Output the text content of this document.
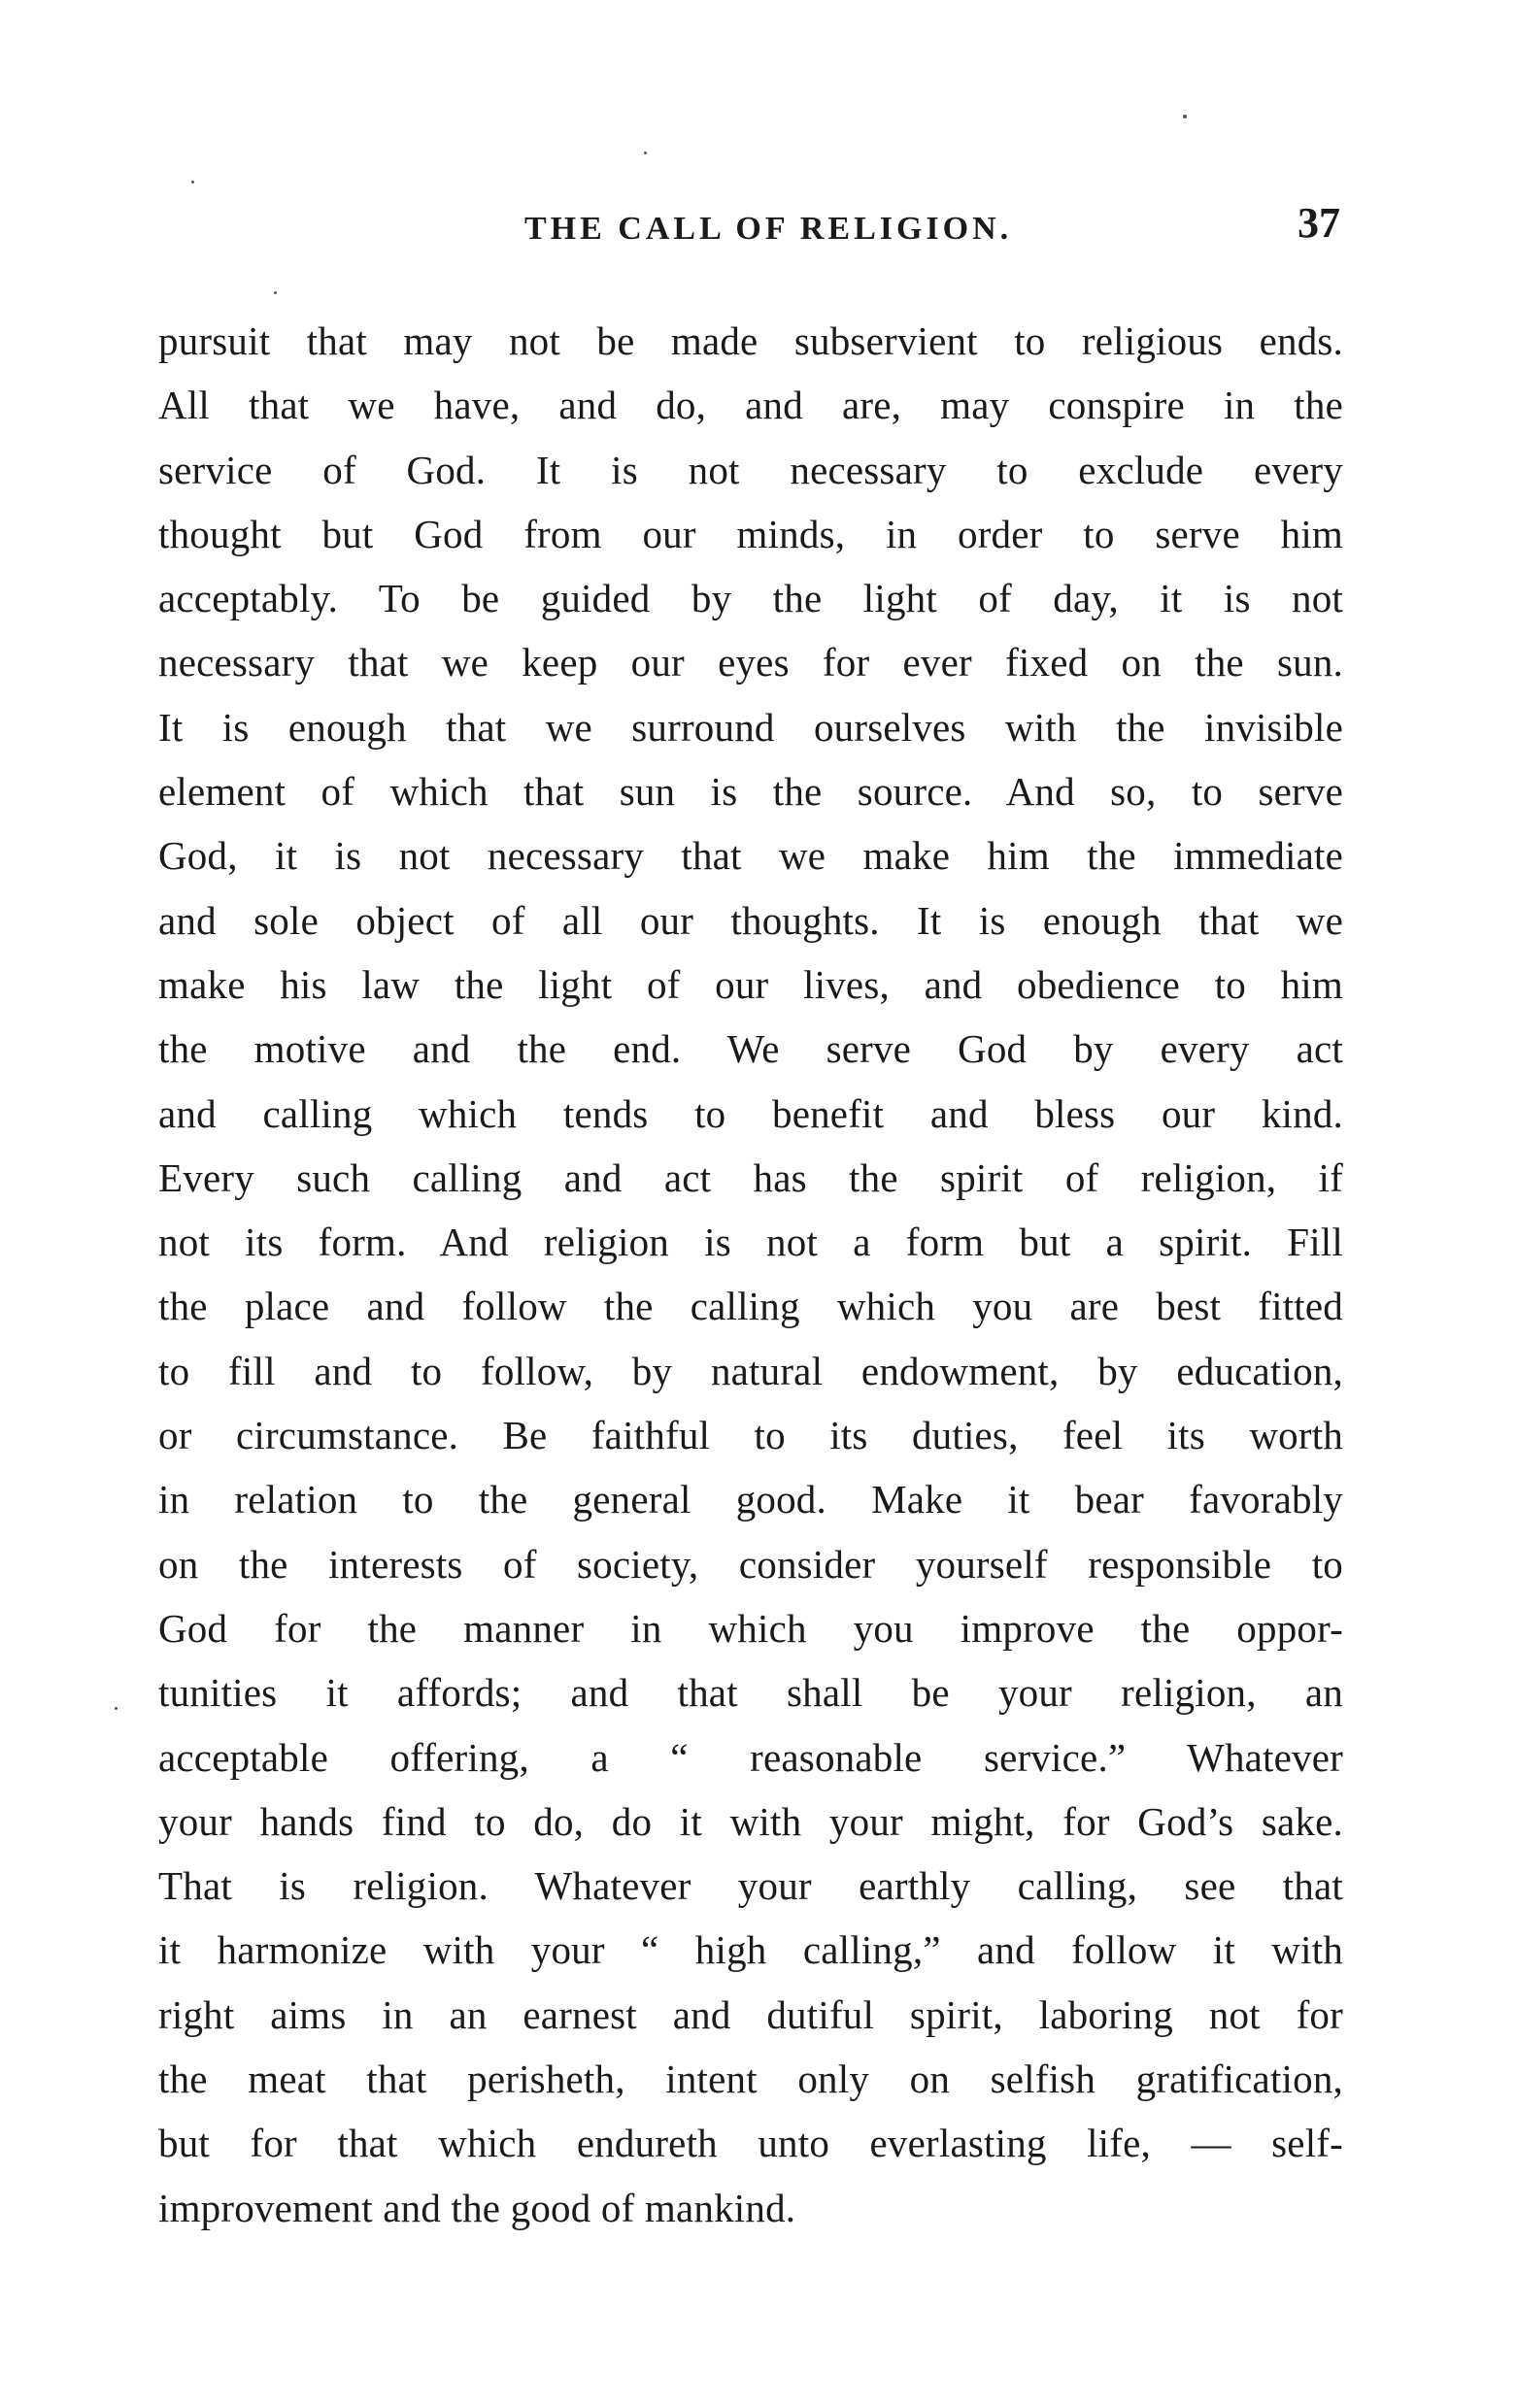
THE CALL OF RELIGION.	37
pursuit that may not be made subservient to religious ends.
All that we have, and do, and are, may conspire in the
service of God. It is not necessary to exclude every
thought but God from our minds, in order to serve him
acceptably. To be guided by the light of day, it is not
necessary that we keep our eyes for ever fixed on the sun.
It is enough that we surround ourselves with the invisible
element of which that sun is the source. And so, to serve
God, it is not necessary that we make him the immediate
and sole object of all our thoughts. It is enough that we
make his law the light of our lives, and obedience to him
the motive and the end. We serve God by every act
and calling which tends to benefit and bless our kind.
Every such calling and act has the spirit of religion, if
not its form. And religion is not a form but a spirit. Fill
the place and follow the calling which you are best fitted
to fill and to follow, by natural endowment, by education,
or circumstance. Be faithful to its duties, feel its worth
in relation to the general good. Make it bear favorably
on the interests of society, consider yourself responsible to
God for the manner in which you improve the oppor-
tunities it affords; and that shall be your religion, an
acceptable offering, a “ reasonable service.” Whatever
your hands find to do, do it with your might, for God’s sake.
That is religion. Whatever your earthly calling, see that
it harmonize with your “ high calling,” and follow it with
right aims in an earnest and dutiful spirit, laboring not for
the meat that perisheth, intent only on selfish gratification,
but for that which endureth unto everlasting life, — self-
improvement and the good of mankind.
